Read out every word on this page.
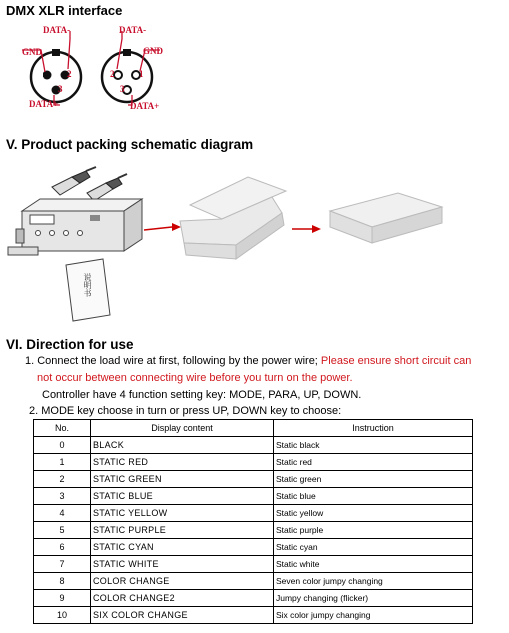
DMX XLR interface
DATA-
GND
DATA+
1	2
3
DATA-
GND
DATA+
2	1
3
V. Product packing schematic diagram
说明书
VI. Direction for use
1. Connect the load wire at first, following by the power wire; Please ensure short circuit can
not occur between connecting wire before you turn on the power.
Controller have 4 function setting key: MODE, PARA, UP, DOWN.
2. MODE key choose in turn or press UP, DOWN key to choose:
No.	Display content	Instruction
0	BLACK	Static black
1	STATIC RED	Static red
2	STATIC GREEN	Static green
3	STATIC BLUE	Static blue
4	STATIC YELLOW	Static yellow
5	STATIC PURPLE	Static purple
6	STATIC CYAN	Static cyan
7	STATIC WHITE	Static white
8	COLOR CHANGE	Seven color jumpy changing
9	COLOR CHANGE2	Jumpy changing (flicker)
10	SIX COLOR CHANGE	Six color jumpy changing
